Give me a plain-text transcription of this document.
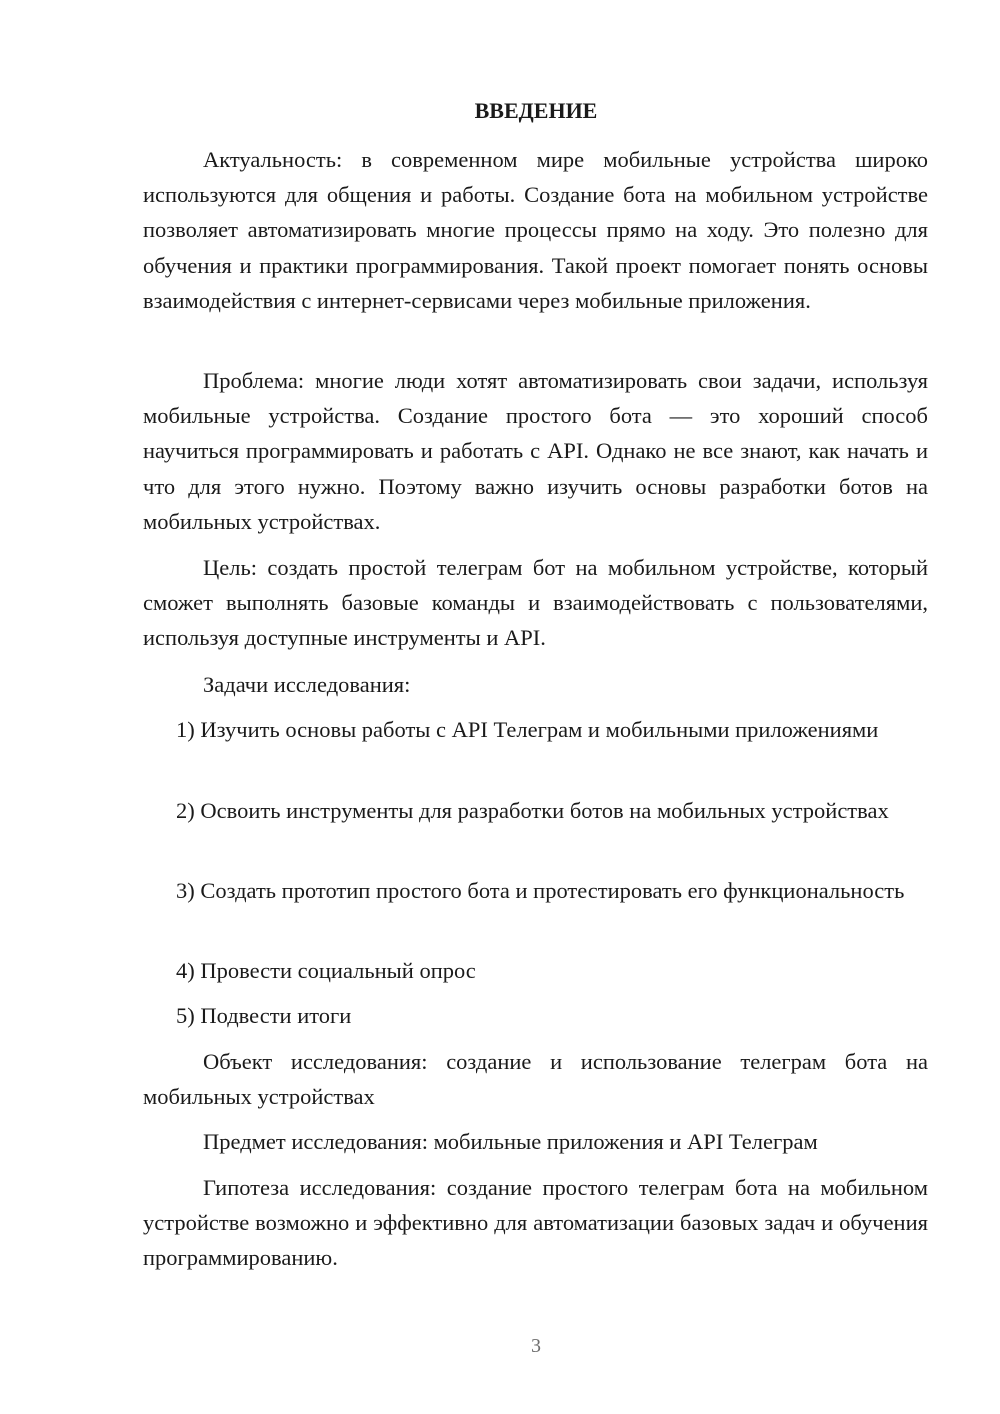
ВВЕДЕНИЕ

Актуальность: в современном мире мобильные устройства широко используются для общения и работы. Создание бота на мобильном устройстве позволяет автоматизировать многие процессы прямо на ходу. Это полезно для обучения и практики программирования. Такой проект помогает понять основы взаимодействия с интернет-сервисами через мобильные приложения.

Проблема: многие люди хотят автоматизировать свои задачи, используя мобильные устройства. Создание простого бота — это хороший способ научиться программировать и работать с API. Однако не все знают, как начать и что для этого нужно. Поэтому важно изучить основы разработки ботов на мобильных устройствах.

Цель: создать простой телеграм бот на мобильном устройстве, который сможет выполнять базовые команды и взаимодействовать с пользователями, используя доступные инструменты и API.

Задачи исследования:

1) Изучить основы работы с API Телеграм и мобильными приложениями

2) Освоить инструменты для разработки ботов на мобильных устройствах

3) Создать прототип простого бота и протестировать его функциональность

4) Провести социальный опрос

5) Подвести итоги

Объект исследования: создание и использование телеграм бота на мобильных устройствах

Предмет исследования: мобильные приложения и API Телеграм

Гипотеза исследования: создание простого телеграм бота на мобильном устройстве возможно и эффективно для автоматизации базовых задач и обучения программированию.

3
